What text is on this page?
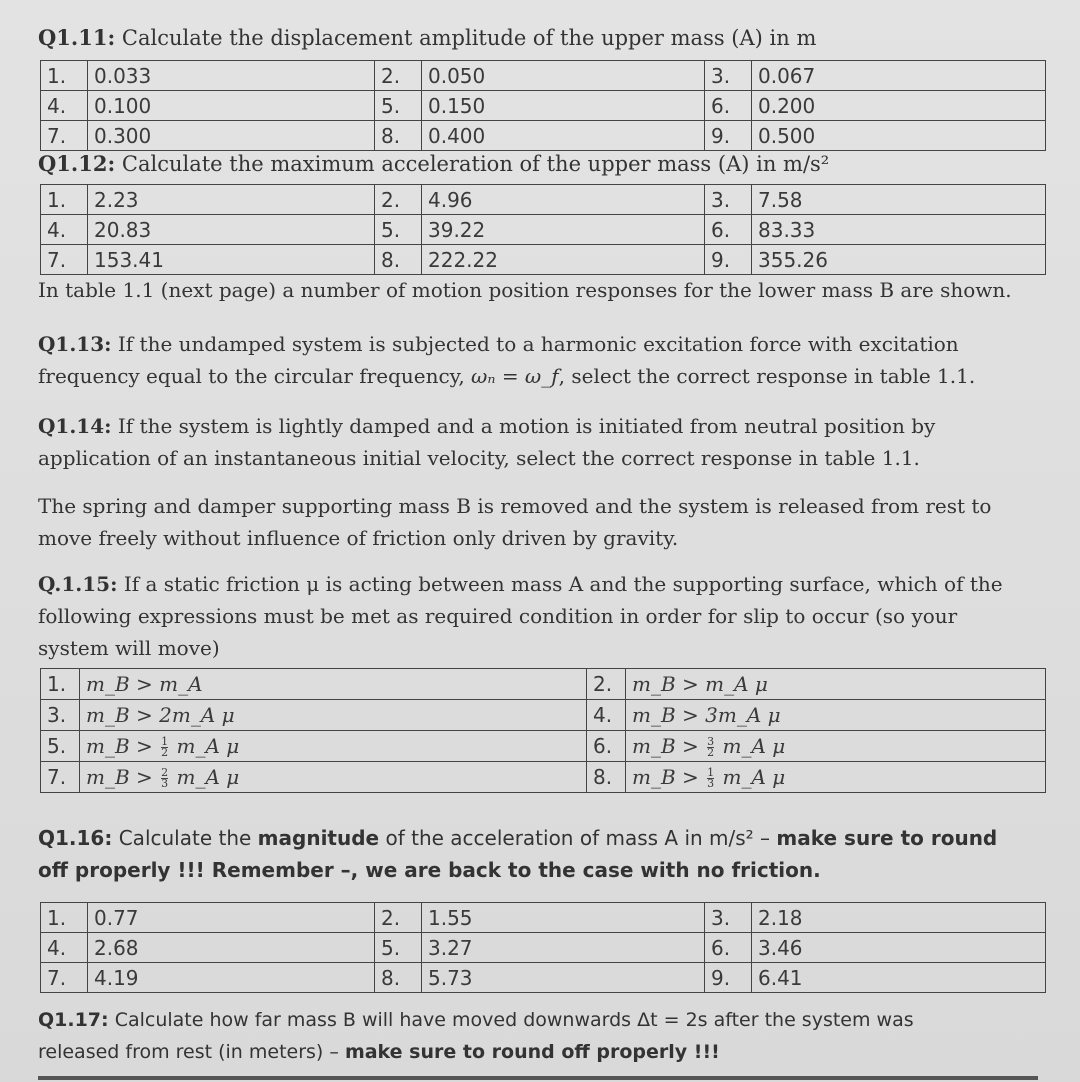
Q1.11: Calculate the displacement amplitude of the upper mass (A) in m
1.	0.033	2.	0.050	3.	0.067
4.	0.100	5.	0.150	6.	0.200
7.	0.300	8.	0.400	9.	0.500
Q1.12: Calculate the maximum acceleration of the upper mass (A) in m/s²
1.	2.23	2.	4.96	3.	7.58
4.	20.83	5.	39.22	6.	83.33
7.	153.41	8.	222.22	9.	355.26
In table 1.1 (next page) a number of motion position responses for the lower mass B are shown.
Q1.13: If the undamped system is subjected to a harmonic excitation force with excitation
frequency equal to the circular frequency, ωₙ = ω_f, select the correct response in table 1.1.
Q1.14: If the system is lightly damped and a motion is initiated from neutral position by
application of an instantaneous initial velocity, select the correct response in table 1.1.
The spring and damper supporting mass B is removed and the system is released from rest to
move freely without influence of friction only driven by gravity.
Q.1.15: If a static friction μ is acting between mass A and the supporting surface, which of the
following expressions must be met as required condition in order for slip to occur (so your
system will move)
1.	m_B > m_A	2.	m_B > m_A μ
3.	m_B > 2m_A μ	4.	m_B > 3m_A μ
5.	m_B > $\frac{1}{2}$ m_A μ	6.	m_B > $\frac{3}{2}$ m_A μ
7.	m_B > $\frac{2}{3}$ m_A μ	8.	m_B > $\frac{1}{3}$ m_A μ
Q1.16: Calculate the magnitude of the acceleration of mass A in m/s² – make sure to round
off properly !!! Remember –, we are back to the case with no friction.
1.	0.77	2.	1.55	3.	2.18
4.	2.68	5.	3.27	6.	3.46
7.	4.19	8.	5.73	9.	6.41
Q1.17: Calculate how far mass B will have moved downwards Δt = 2s after the system was
released from rest (in meters) – make sure to round off properly !!!
